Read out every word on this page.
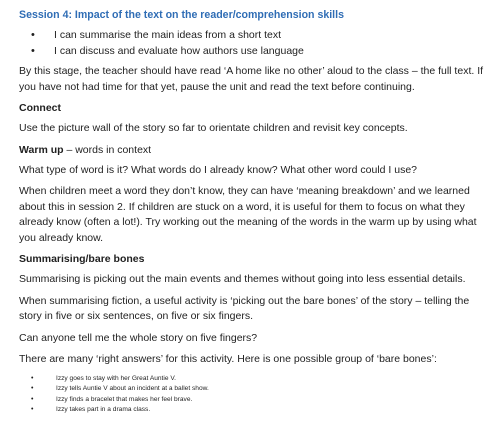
Session 4: Impact of the text on the reader/comprehension skills
• I can summarise the main ideas from a short text
• I can discuss and evaluate how authors use language

By this stage, the teacher should have read ‘A home like no other’ aloud to the class – the full text. If
you have not had time for that yet, pause the unit and read the text before continuing.

Connect

Use the picture wall of the story so far to orientate children and revisit key concepts.

Warm up – words in context

What type of word is it? What words do I already know? What other word could I use?

When children meet a word they don’t know, they can have ‘meaning breakdown’ and we learned
about this in session 2. If children are stuck on a word, it is useful for them to focus on what they
already know (often a lot!). Try working out the meaning of the words in the warm up by using what
you already know.

Summarising/bare bones

Summarising is picking out the main events and themes without going into less essential details.

When summarising fiction, a useful activity is ‘picking out the bare bones’ of the story – telling the
story in five or six sentences, on five or six fingers.

Can anyone tell me the whole story on five fingers?

There are many ‘right answers’ for this activity. Here is one possible group of ‘bare bones’:

• Izzy goes to stay with her Great Auntie V.
• Izzy tells Auntie V about an incident at a ballet show.
• Izzy finds a bracelet that makes her feel brave.
• Izzy takes part in a drama class.
